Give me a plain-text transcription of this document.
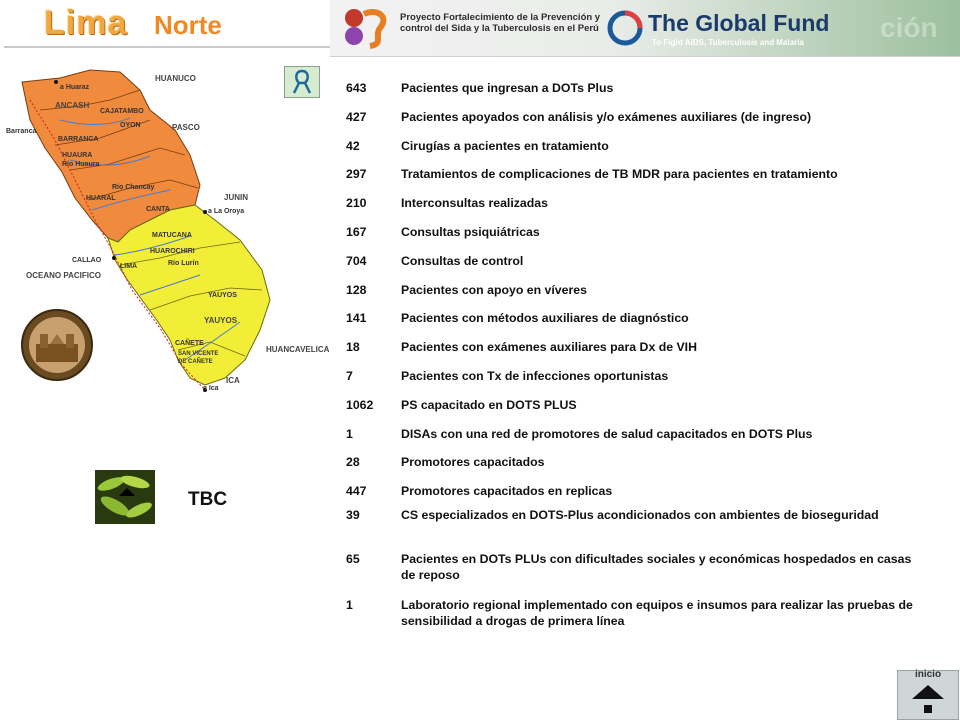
Lima Norte	Proyecto Fortalecimiento de la Prevención y control del Sida y la Tuberculosis en el Perú	The Global Fund
To Fight AIDS, Tuberculosis and Malaria	ción
HUANUCO
a Huaraz
ANCASH
Barranca
CAJATAMBO
OYON
BARRANCA
PASCO
HUAURA
Río Huaura
Río Chancay
JUNIN
HUARAL
CANTA	a La Oroya
MATUCANA
CALLAO
HUAROCHIRI
LIMA
OCEANO PACIFICO
Río Lurín
YAUYOS
YAUYOS
HUANCAVELICA
CAÑETE
SAN VICENTE DE CAÑETE
ICA
a Ica
TBC
643	Pacientes que ingresan a DOTs Plus
427	Pacientes apoyados con análisis y/o exámenes auxiliares (de ingreso)
42	Cirugías a pacientes en tratamiento
297	Tratamientos de complicaciones de TB MDR para pacientes en tratamiento
210	Interconsultas realizadas
167	Consultas psiquiátricas
704	Consultas de control
128	Pacientes con apoyo en víveres
141	Pacientes con métodos auxiliares de diagnóstico
18	Pacientes con exámenes auxiliares para Dx de VIH
7	Pacientes con Tx de infecciones oportunistas
1062	PS capacitado en DOTS PLUS
1	DISAs con una red de promotores de salud capacitados en DOTS Plus
28	Promotores capacitados
447	Promotores capacitados en replicas
39	CS especializados en DOTS-Plus acondicionados con ambientes de bioseguridad
65	Pacientes en DOTs PLUs con dificultades sociales y económicas hospedados en casas de reposo
1	Laboratorio regional implementado con equipos e insumos para realizar las pruebas de sensibilidad a drogas de primera línea
inicio
